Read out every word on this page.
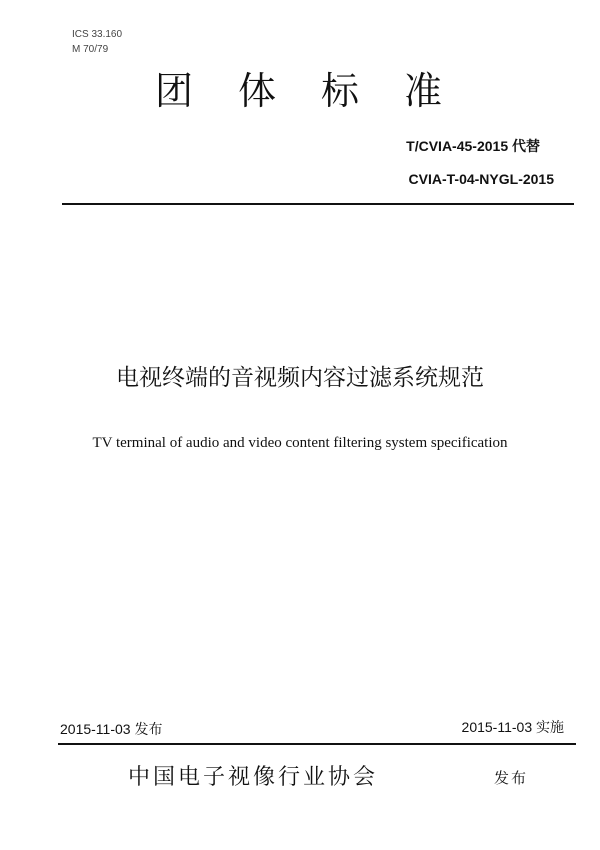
ICS 33.160
M 70/79
团体标准
T/CVIA-45-2015 代替
CVIA-T-04-NYGL-2015
电视终端的音视频内容过滤系统规范
TV terminal of audio and video content filtering system specification
2015-11-03 发布	2015-11-03 实施
中国电子视像行业协会	发布
